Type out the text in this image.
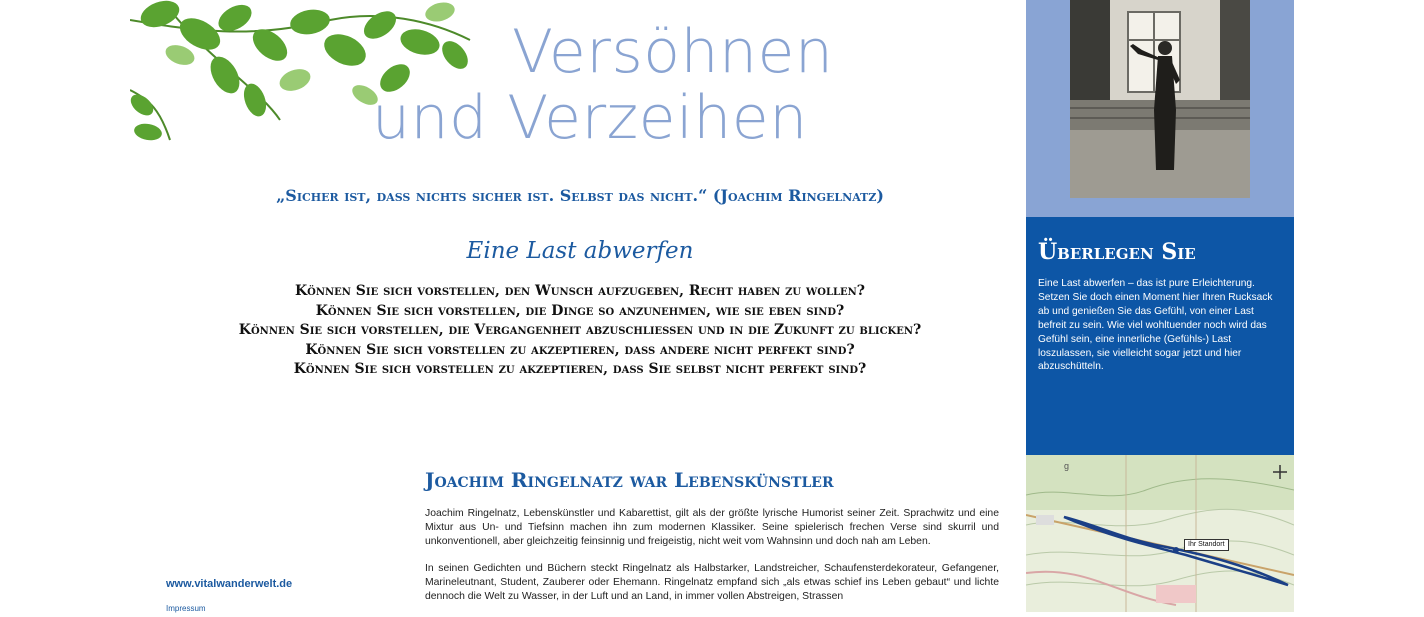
Versöhnen
und Verzeihen
„Sicher ist, dass nichts sicher ist. Selbst das nicht.“ (Joachim Ringelnatz)
Eine Last abwerfen
Können Sie sich vorstellen, den Wunsch aufzugeben, Recht haben zu wollen?
Können Sie sich vorstellen, die Dinge so anzunehmen, wie sie eben sind?
Können Sie sich vorstellen, die Vergangenheit abzuschliessen und in die Zukunft zu blicken?
Können Sie sich vorstellen zu akzeptieren, dass andere nicht perfekt sind?
Können Sie sich vorstellen zu akzeptieren, dass Sie selbst nicht perfekt sind?
Joachim Ringelnatz war Lebenskünstler

Joachim Ringelnatz, Lebenskünstler und Kabarettist, gilt als der größte lyrische Humorist seiner Zeit. Sprachwitz und eine Mixtur aus Un- und Tiefsinn machen ihn zum modernen Klassiker. Seine spielerisch frechen Verse sind skurril und unkonventionell, aber gleichzeitig feinsinnig und freigeistig, nicht weit vom Wahnsinn und doch nah am Leben.

In seinen Gedichten und Büchern steckt Ringelnatz als Halbstarker, Landstreicher, Schaufensterdekorateur, Gefangener, Marineleutnant, Student, Zauberer oder Ehemann. Ringelnatz empfand sich „als etwas schief ins Leben gebaut“ und lichte dennoch die Welt zu Wasser, in der Luft und an Land, in immer vollen Abstreigen, Strassen

www.vitalwanderwelt.de
Impressum
Überlegen Sie
Eine Last abwerfen – das ist pure Erleichterung. Setzen Sie doch einen Moment hier Ihren Rucksack ab und genießen Sie das Gefühl, von einer Last befreit zu sein. Wie viel wohltuender noch wird das Gefühl sein, eine innerliche (Gefühls-) Last loszulassen, sie vielleicht sogar jetzt und hier abzuschütteln.
g
Ihr Standort
